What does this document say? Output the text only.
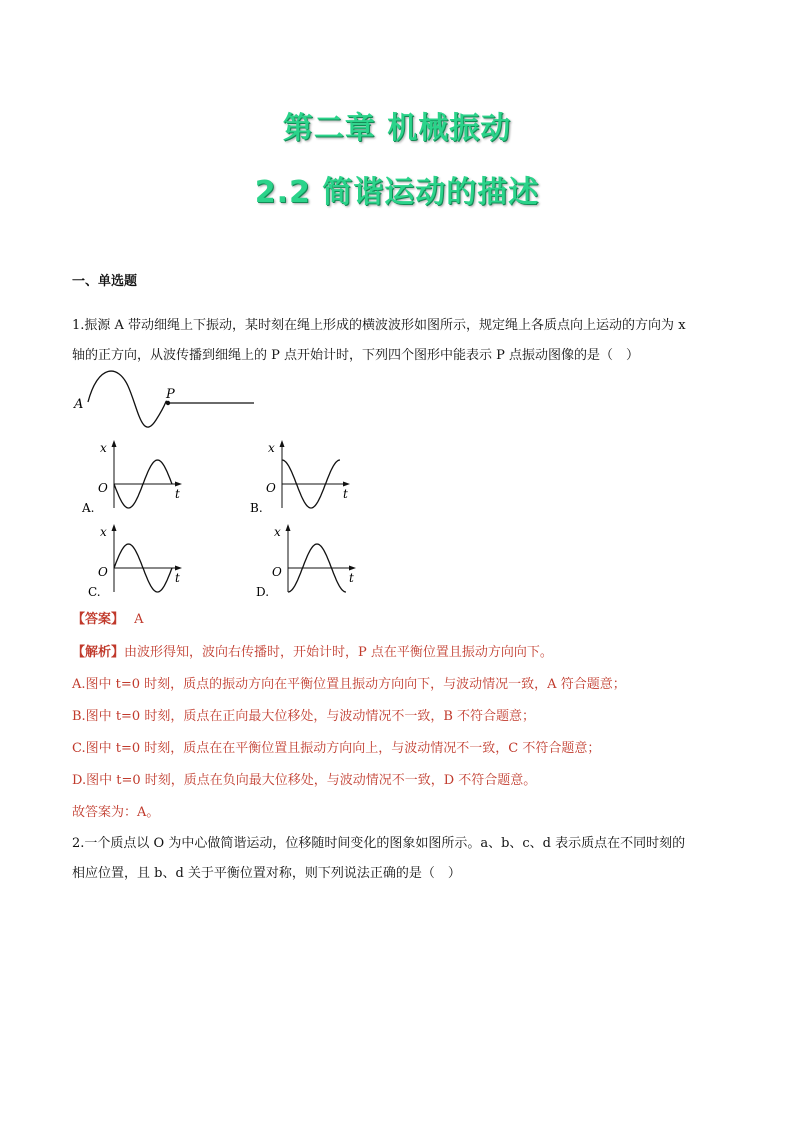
第二章 机械振动
2.2 简谐运动的描述
一、单选题
1.振源 A 带动细绳上下振动，某时刻在绳上形成的横波波形如图所示，规定绳上各质点向上运动的方向为 x
轴的正方向，从波传播到细绳上的 P 点开始计时，下列四个图形中能表示 P 点振动图像的是（　）
A
P
x
t
O
A.
x
t
O
B.
x
t
O
C.
x
t
O
D.
【答案】 A
【解析】由波形得知，波向右传播时，开始计时，P 点在平衡位置且振动方向向下。
A.图中 t=0 时刻，质点的振动方向在平衡位置且振动方向向下，与波动情况一致，A 符合题意；
B.图中 t=0 时刻，质点在正向最大位移处，与波动情况不一致，B 不符合题意；
C.图中 t=0 时刻，质点在在平衡位置且振动方向向上，与波动情况不一致，C 不符合题意；
D.图中 t=0 时刻，质点在负向最大位移处，与波动情况不一致，D 不符合题意。
故答案为：A。
2.一个质点以 O 为中心做简谐运动，位移随时间变化的图象如图所示。a、b、c、d 表示质点在不同时刻的
相应位置，且 b、d 关于平衡位置对称，则下列说法正确的是（　）
